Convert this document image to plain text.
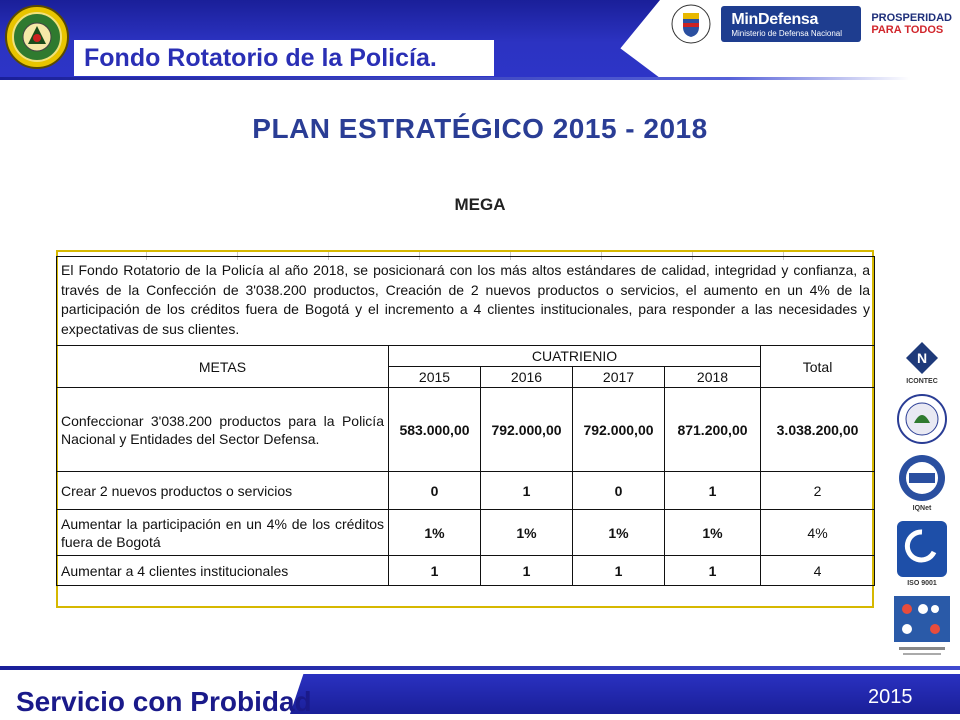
Fondo Rotatorio de la Policía.
MinDefensa
Ministerio de Defensa Nacional
PROSPERIDAD
PARA TODOS
PLAN ESTRATÉGICO 2015 - 2018
MEGA
El Fondo Rotatorio de la Policía al año 2018, se posicionará con los más altos estándares de calidad, integridad y confianza, a través de la Confección de 3'038.200 productos, Creación de 2 nuevos productos o servicios, el aumento en un 4% de la participación de los créditos fuera de Bogotá y el incremento a 4 clientes institucionales, para responder a las necesidades y expectativas de sus clientes.					
METAS	CUATRIENIO				Total
	2015	2016	2017	2018	
Confeccionar 3'038.200 productos para la Policía Nacional y Entidades del Sector Defensa.	583.000,00	792.000,00	792.000,00	871.200,00	3.038.200,00
Crear 2 nuevos productos o servicios	0	1	0	1	2
Aumentar la participación en un 4% de los créditos fuera de Bogotá	1%	1%	1%	1%	4%
Aumentar a 4 clientes institucionales	1	1	1	1	4
N
ICONTEC
IQNet
ISO 9001
Servicio con Probidad	2015
